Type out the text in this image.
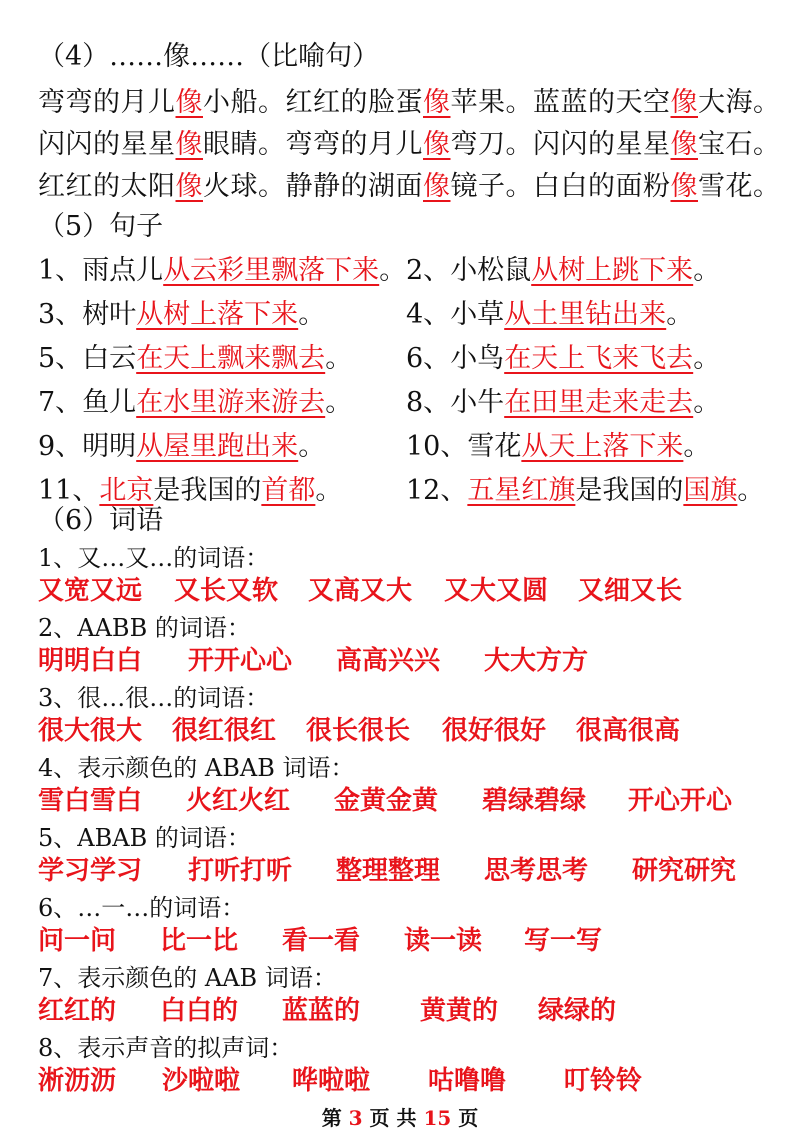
（4）……像……（比喻句）
弯弯的月儿像小船。红红的脸蛋像苹果。蓝蓝的天空像大海。
闪闪的星星像眼睛。弯弯的月儿像弯刀。闪闪的星星像宝石。
红红的太阳像火球。静静的湖面像镜子。白白的面粉像雪花。
（5）句子
1、雨点儿从云彩里飘落下来。 2、小松鼠从树上跳下来。
3、树叶从树上落下来。	4、小草从土里钻出来。
5、白云在天上飘来飘去。 6、小鸟在天上飞来飞去。
7、鱼儿在水里游来游去。 8、小牛在田里走来走去。
9、明明从屋里跑出来。	10、雪花从天上落下来。
11、北京是我国的首都。 12、五星红旗是我国的国旗。
（6）词语
1、又…又…的词语：
又宽又远 又长又软 又高又大 又大又圆 又细又长
2、AABB 的词语：
明明白白 开开心心 高高兴兴 大大方方
3、很…很…的词语：
很大很大 很红很红 很长很长 很好很好 很高很高
4、表示颜色的 ABAB 词语：
雪白雪白 火红火红 金黄金黄 碧绿碧绿 开心开心
5、ABAB 的词语：
学习学习 打听打听 整理整理 思考思考 研究研究
6、…一…的词语：
问一问 比一比 看一看 读一读 写一写
7、表示颜色的 AAB 词语：
红红的 白白的 蓝蓝的 黄黄的 绿绿的
8、表示声音的拟声词：
淅沥沥 沙啦啦 哗啦啦 咕噜噜 叮铃铃
第 3 页 共 15 页
